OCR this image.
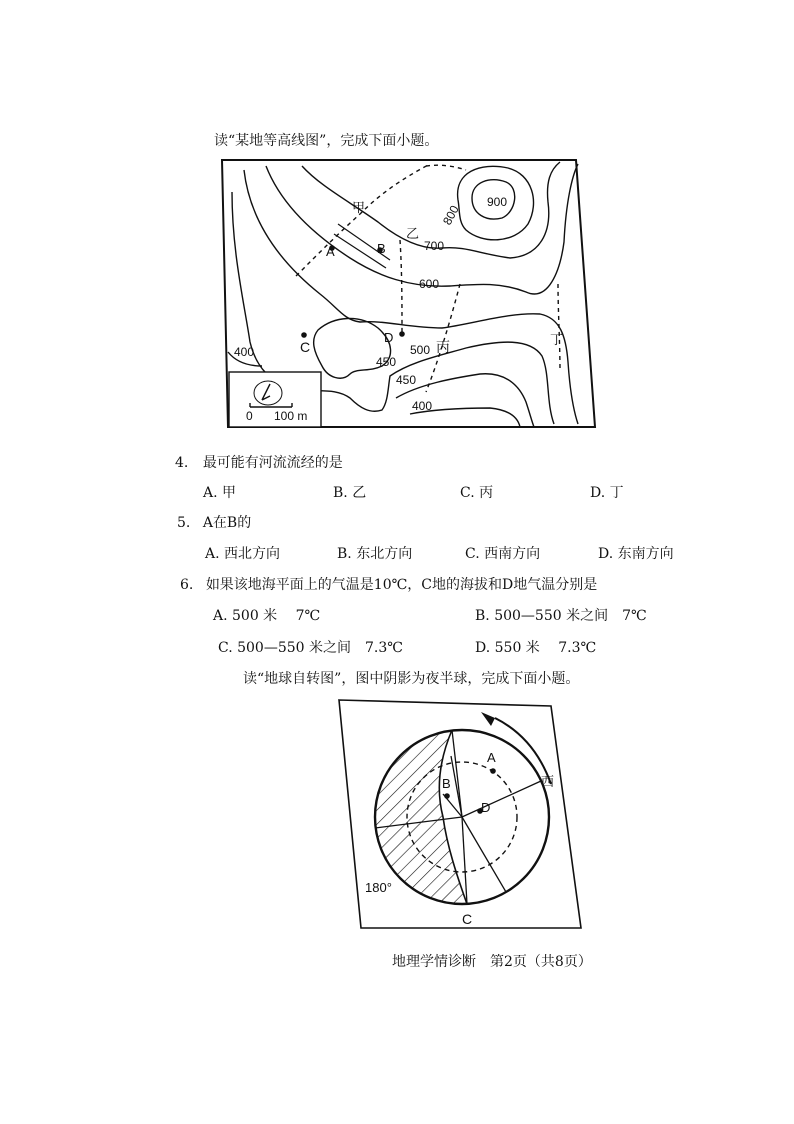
读“某地等高线图”，完成下面小题。
A	B
C
D
甲
乙
丙	丁
900
800
700
600
500
450
450
400
400
0 100 m
4. 最可能有河流流经的是
A. 甲	B. 乙	C. 丙	D. 丁
5. A在B的
A. 西北方向	B. 东北方向	C. 西南方向	D. 东南方向
6. 如果该地海平面上的气温是10℃，C地的海拔和D地气温分别是
A. 500 米　 7℃	B. 500—550 米之间　7℃
C. 500—550 米之间　7.3℃	D. 550 米　 7.3℃
读“地球自转图”，图中阴影为夜半球，完成下面小题。
西
A
B
C
D
180°
地理学情诊断　第2页（共8页）
